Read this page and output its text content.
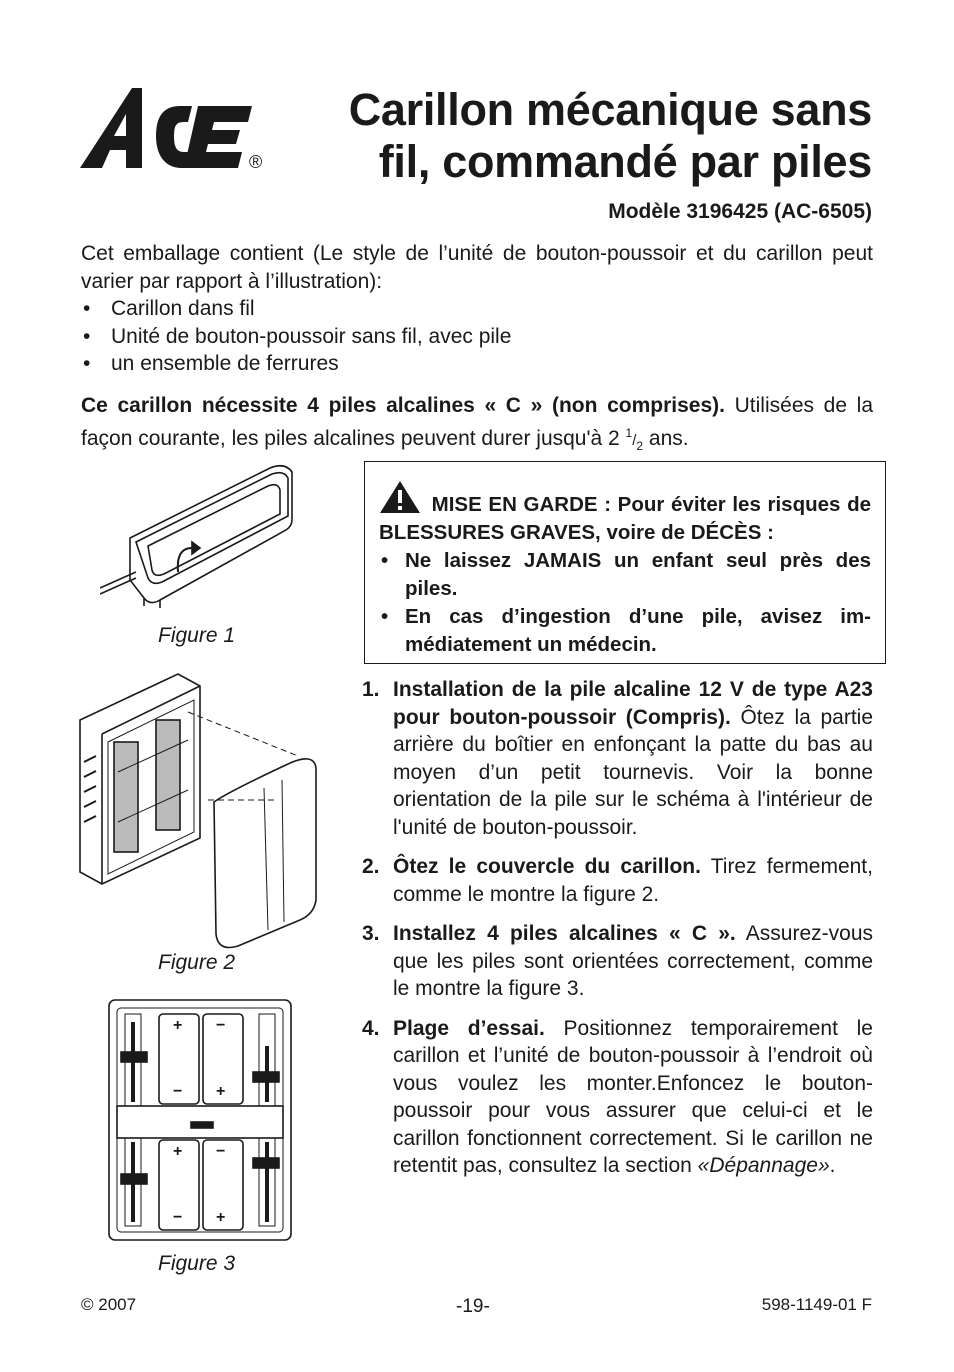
®
Carillon mécanique sans
fil, commandé par piles
Modèle 3196425 (AC-6505)
Cet emballage contient (Le style de l’unité de bouton-poussoir et du carillon peut varier par rapport à l’illustration):
• Carillon dans fil
• Unité de bouton-poussoir sans fil, avec pile
• un ensemble de ferrures
Ce carillon nécessite 4 piles alcalines « C » (non comprises). Utilisées de la façon courante, les piles alcalines peuvent durer jusqu'à 2 $^1/_2$ ans.
MISE EN GARDE : Pour éviter les risques de BLESSURES GRAVES, voire de DÉCÈS :
• Ne laissez JAMAIS un enfant seul près des piles.
• En cas d’ingestion d’une pile, avisez im-médiatement un médecin.
1. Installation de la pile alcaline 12 V de type A23 pour bouton-poussoir (Compris). Ôtez la partie arrière du boîtier en enfonçant la patte du bas au moyen d’un petit tournevis. Voir la bonne orientation de la pile sur le schéma à l'intérieur de l'unité de bouton-poussoir.
2. Ôtez le couvercle du carillon. Tirez fermement, comme le montre la figure 2.
3. Installez 4 piles alcalines « C ». Assurez-vous que les piles sont orientées correctement, comme le montre la figure 3.
4. Plage d’essai. Positionnez temporairement le carillon et l’unité de bouton-poussoir à l’endroit où vous voulez les monter.Enfoncez le bouton-poussoir pour vous assurer que celui-ci et le carillon fonctionnent correctement. Si le carillon ne retentit pas, consultez la section «Dépannage».
Figure 1
Figure 2
+ −
− +
+ −
− +
Figure 3
© 2007	-19-	598-1149-01 F
